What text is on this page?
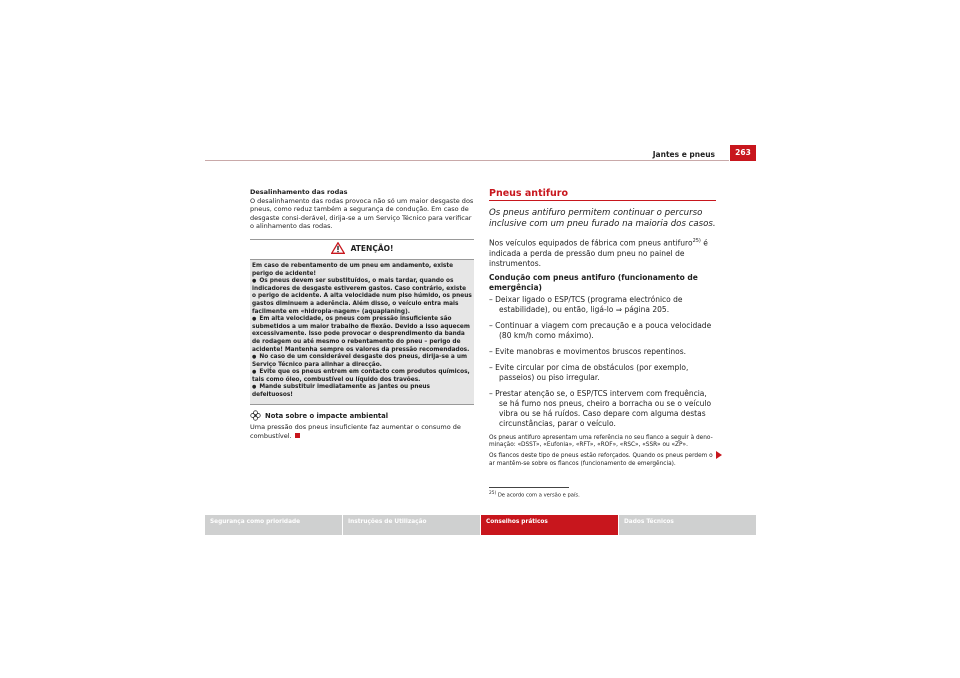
Jantes e pneus	263
Desalinhamento das rodas
O desalinhamento das rodas provoca não só um maior desgaste dos pneus, como reduz também a segurança de condução. Em caso de desgaste consi-derável, dirija-se a um Serviço Técnico para verificar o alinhamento das rodas.
ATENÇÃO!
Em caso de rebentamento de um pneu em andamento, existe perigo de acidente!
● Os pneus devem ser substituídos, o mais tardar, quando os indicadores de desgaste estiverem gastos. Caso contrário, existe o perigo de acidente. A alta velocidade num piso húmido, os pneus gastos diminuem a aderência. Além disso, o veículo entra mais facilmente em «hidropla-nagem» (aquaplaning).
● Em alta velocidade, os pneus com pressão insuficiente são submetidos a um maior trabalho de flexão. Devido a isso aquecem excessivamente. Isso pode provocar o desprendimento da banda de rodagem ou até mesmo o rebentamento do pneu – perigo de acidente! Mantenha sempre os valores da pressão recomendados.
● No caso de um considerável desgaste dos pneus, dirija-se a um Serviço Técnico para alinhar a direcção.
● Evite que os pneus entrem em contacto com produtos químicos, tais como óleo, combustível ou líquido dos travões.
● Mande substituir imediatamente as jantes ou pneus defeituosos!
Nota sobre o impacte ambiental
Uma pressão dos pneus insuficiente faz aumentar o consumo de combustível.
Pneus antifuro
Os pneus antifuro permitem continuar o percurso inclusive com um pneu furado na maioria dos casos.
Nos veículos equipados de fábrica com pneus antifuro$^{25)}$ é indicada a perda de pressão dum pneu no painel de instrumentos.
Condução com pneus antifuro (funcionamento de emergência)
– Deixar ligado o ESP/TCS (programa electrónico de estabilidade), ou então, ligá-lo ⇒ página 205.
– Continuar a viagem com precaução e a pouca velocidade (80 km/h como máximo).
– Evite manobras e movimentos bruscos repentinos.
– Evite circular por cima de obstáculos (por exemplo, passeios) ou piso irregular.
– Prestar atenção se, o ESP/TCS intervem com frequência, se há fumo nos pneus, cheiro a borracha ou se o veículo vibra ou se há ruídos. Caso depare com alguma destas circunstâncias, parar o veículo.
Os pneus antifuro apresentam uma referência no seu flanco a seguir à deno-minação: «DSST», «Eufonia», «RFT», «ROF», «RSC», «SSR» ou «ZP».
Os flancos deste tipo de pneus estão reforçados. Quando os pneus perdem o ar mantêm-se sobre os flancos (funcionamento de emergência).
$^{25)}$ De acordo com a versão e país.
Segurança como prioridade	Instruções de Utilização	Conselhos práticos	Dados Técnicos
